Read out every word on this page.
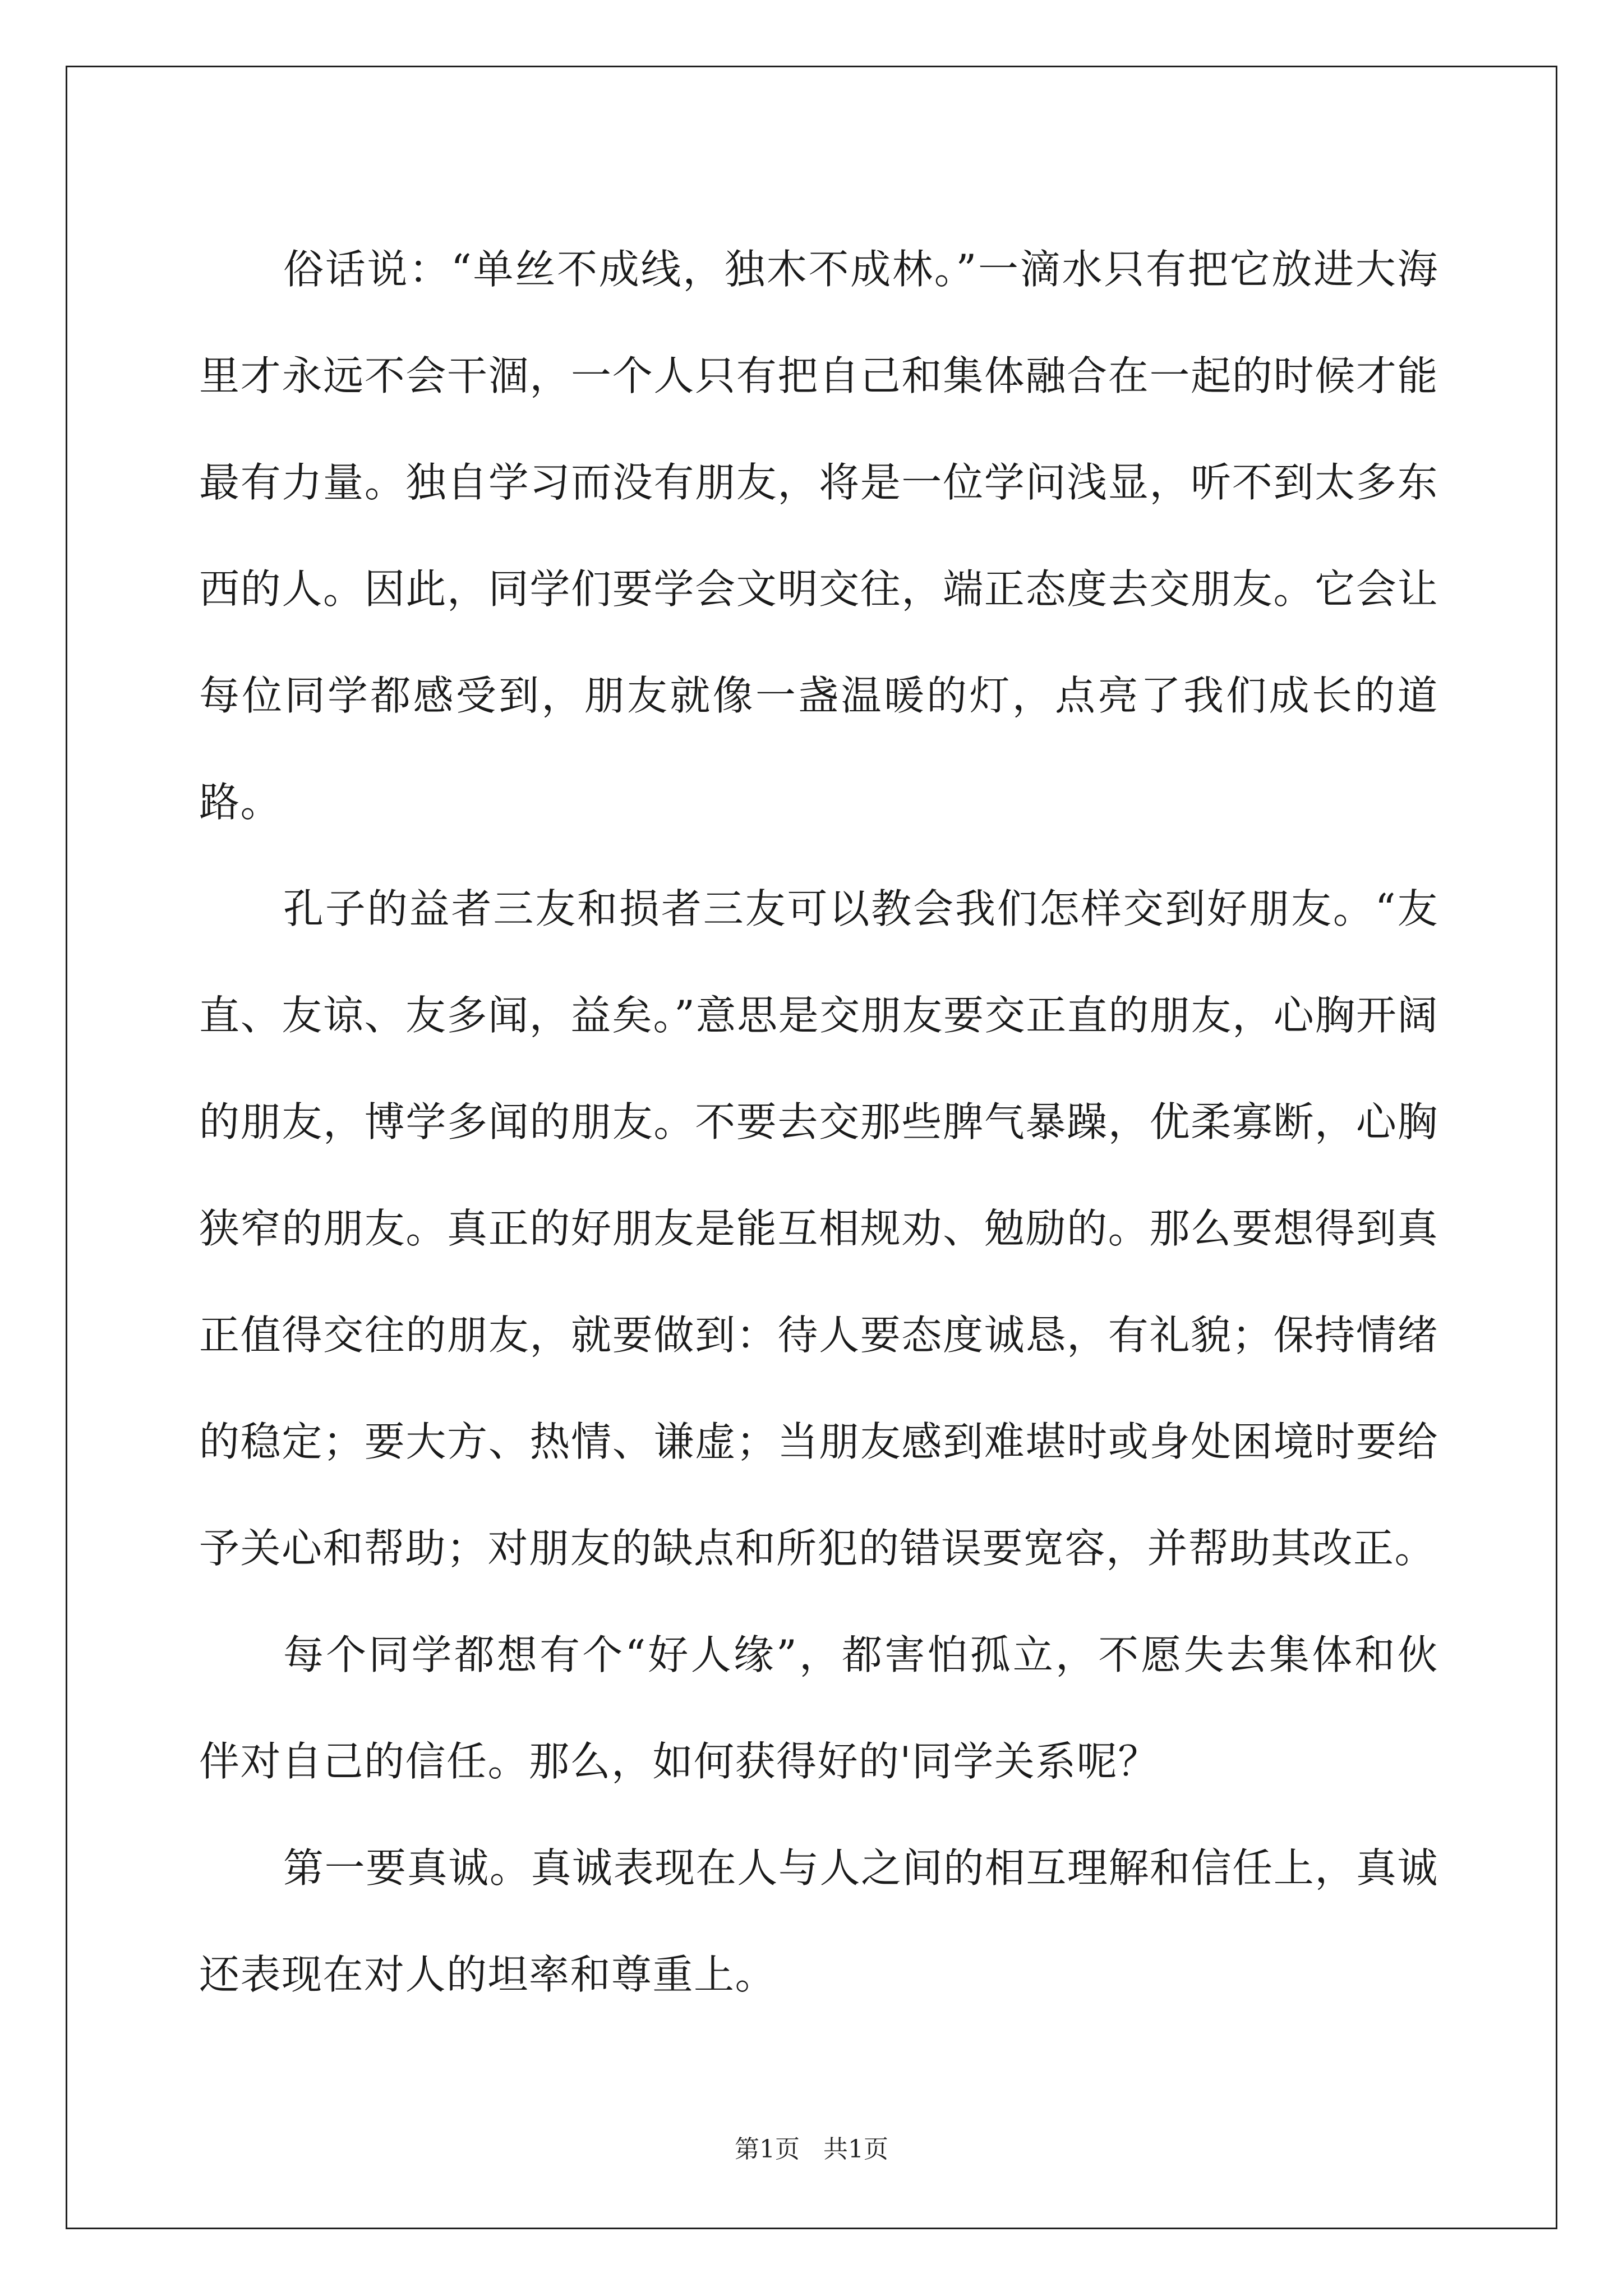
俗话说：“单丝不成线，独木不成林。”一滴水只有把它放进大海里才永远不会干涸，一个人只有把自己和集体融合在一起的时候才能最有力量。独自学习而没有朋友，将是一位学问浅显，听不到太多东西的人。因此，同学们要学会文明交往，端正态度去交朋友。它会让每位同学都感受到，朋友就像一盏温暖的灯，点亮了我们成长的道路。

孔子的益者三友和损者三友可以教会我们怎样交到好朋友。“友直、友谅、友多闻，益矣。”意思是交朋友要交正直的朋友，心胸开阔的朋友，博学多闻的朋友。不要去交那些脾气暴躁，优柔寡断，心胸狭窄的朋友。真正的好朋友是能互相规劝、勉励的。那么要想得到真正值得交往的朋友，就要做到：待人要态度诚恳，有礼貌；保持情绪的稳定；要大方、热情、谦虚；当朋友感到难堪时或身处困境时要给予关心和帮助；对朋友的缺点和所犯的错误要宽容，并帮助其改正。

每个同学都想有个“好人缘”，都害怕孤立，不愿失去集体和伙伴对自己的信任。那么，如何获得好的'同学关系呢？

第一要真诚。真诚表现在人与人之间的相互理解和信任上，真诚还表现在对人的坦率和尊重上。

第1页   共1页
